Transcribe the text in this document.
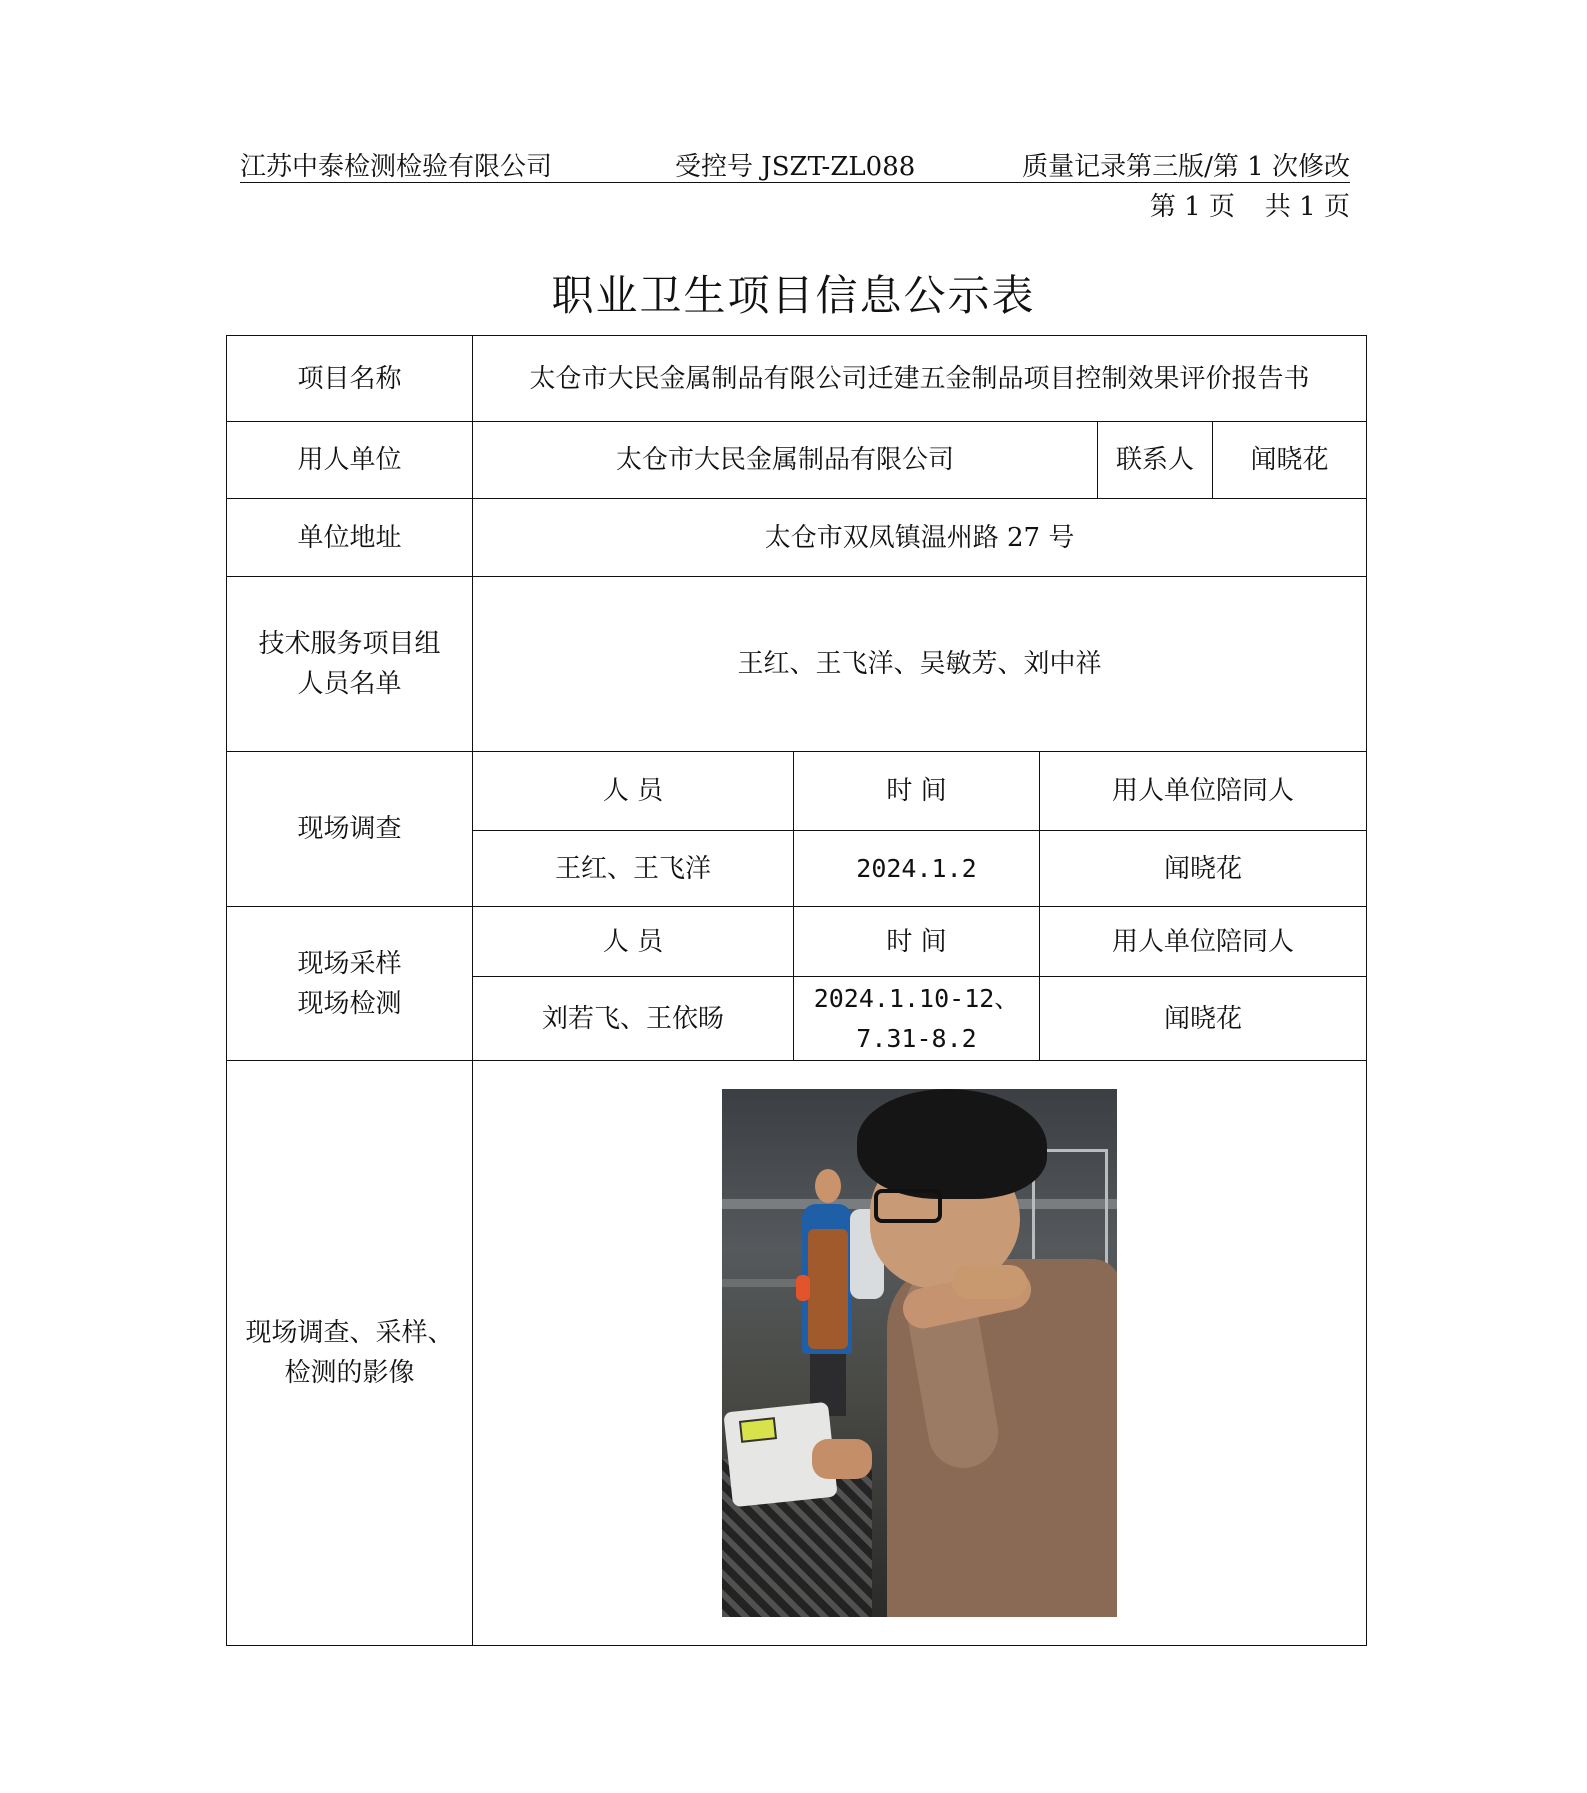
江苏中泰检测检验有限公司	受控号 JSZT-ZL088	质量记录第三版/第 1 次修改
第 1 页 共 1 页
职业卫生项目信息公示表
项目名称	太仓市大民金属制品有限公司迁建五金制品项目控制效果评价报告书				
用人单位	太仓市大民金属制品有限公司			联系人	闻晓花
单位地址	太仓市双凤镇温州路 27 号				

技术服务项目组
人员名单	王红、王飞洋、吴敏芳、刘中祥				
现场调查	人 员	时 间	用人单位陪同人		
	王红、王飞洋	2024.1.2	闻晓花		

现场采样
现场检测	人 员	时 间	用人单位陪同人		
	刘若飞、王依旸	2024.1.10-12、
7.31-8.2	闻晓花		

现场调查、采样、
检测的影像					
